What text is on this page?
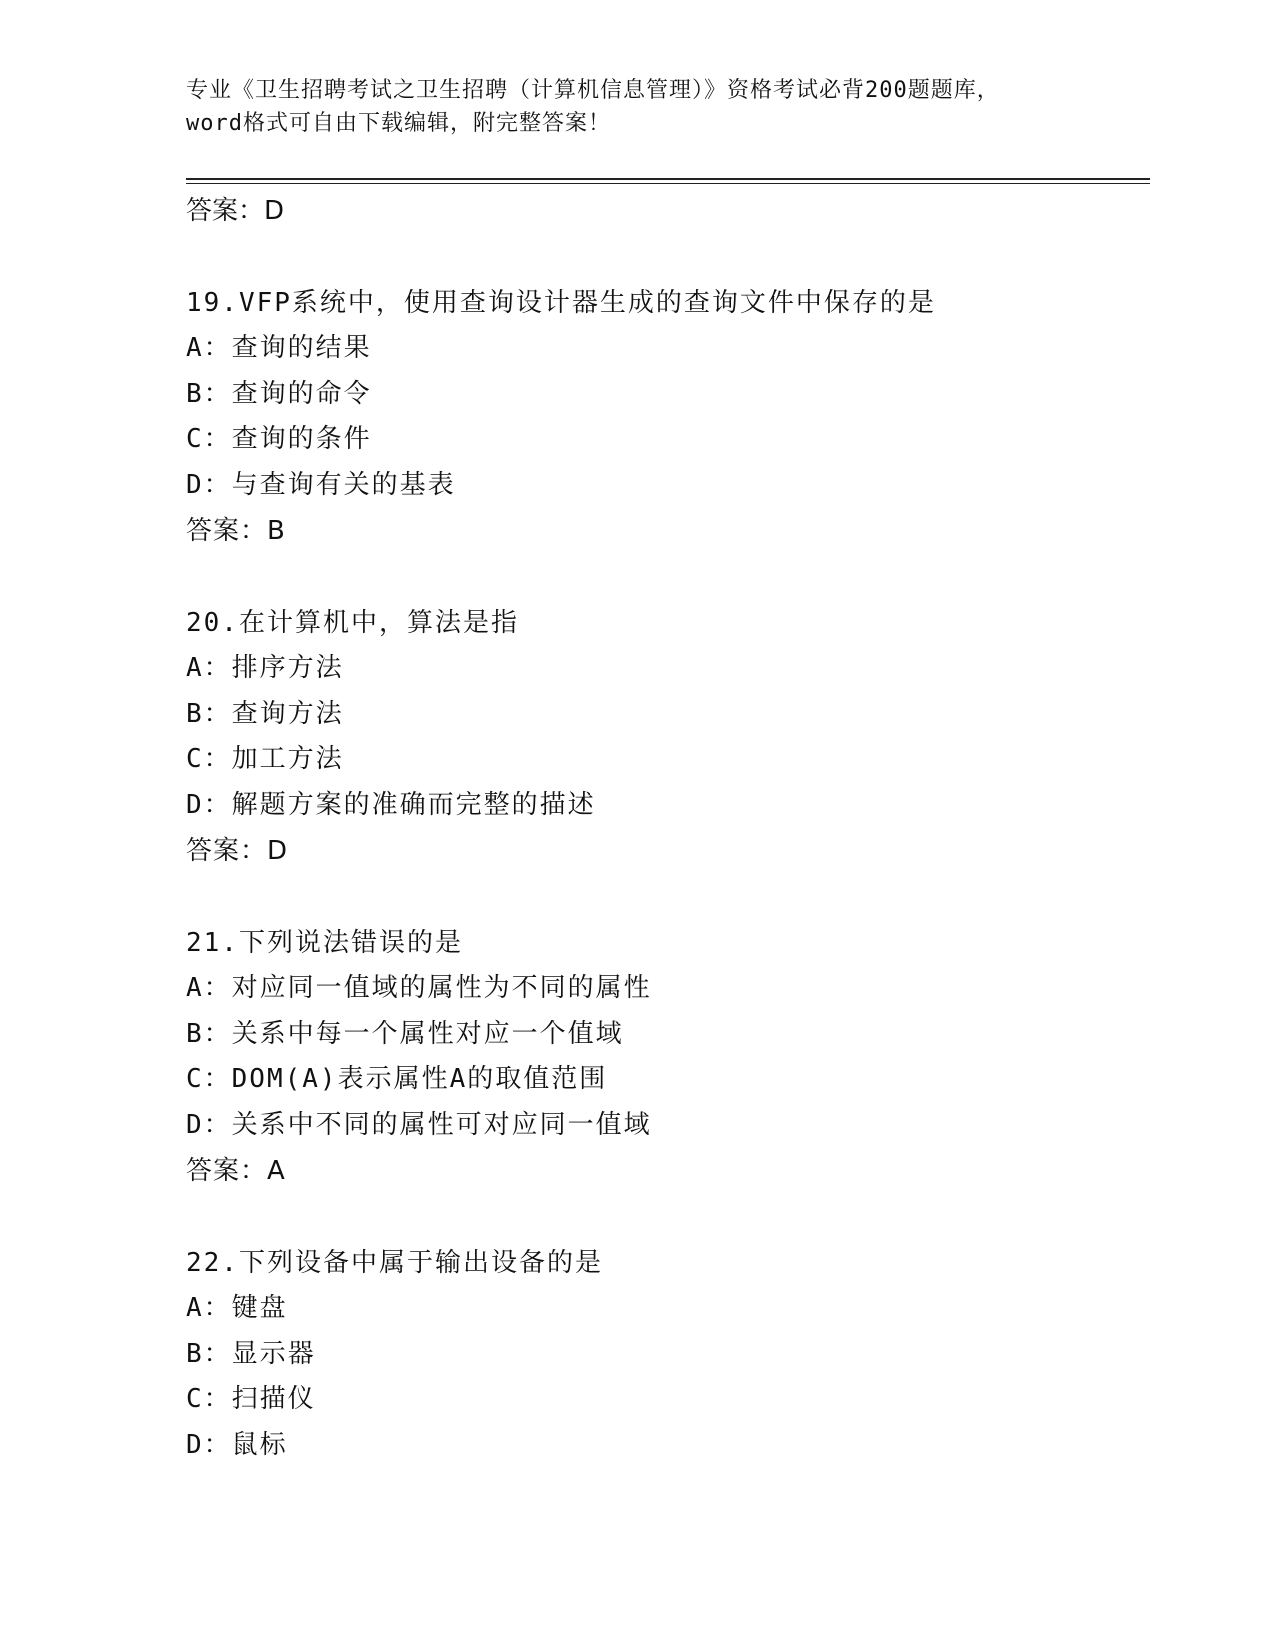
专业《卫生招聘考试之卫生招聘（计算机信息管理）》资格考试必背200题题库，
word格式可自由下载编辑，附完整答案！
答案：D
19.VFP系统中，使用查询设计器生成的查询文件中保存的是
A：查询的结果
B：查询的命令
C：查询的条件
D：与查询有关的基表
答案：B
20.在计算机中，算法是指
A：排序方法
B：查询方法
C：加工方法
D：解题方案的准确而完整的描述
答案：D
21.下列说法错误的是
A：对应同一值域的属性为不同的属性
B：关系中每一个属性对应一个值域
C：DOM(A)表示属性A的取值范围
D：关系中不同的属性可对应同一值域
答案：A
22.下列设备中属于输出设备的是
A：键盘
B：显示器
C：扫描仪
D：鼠标
